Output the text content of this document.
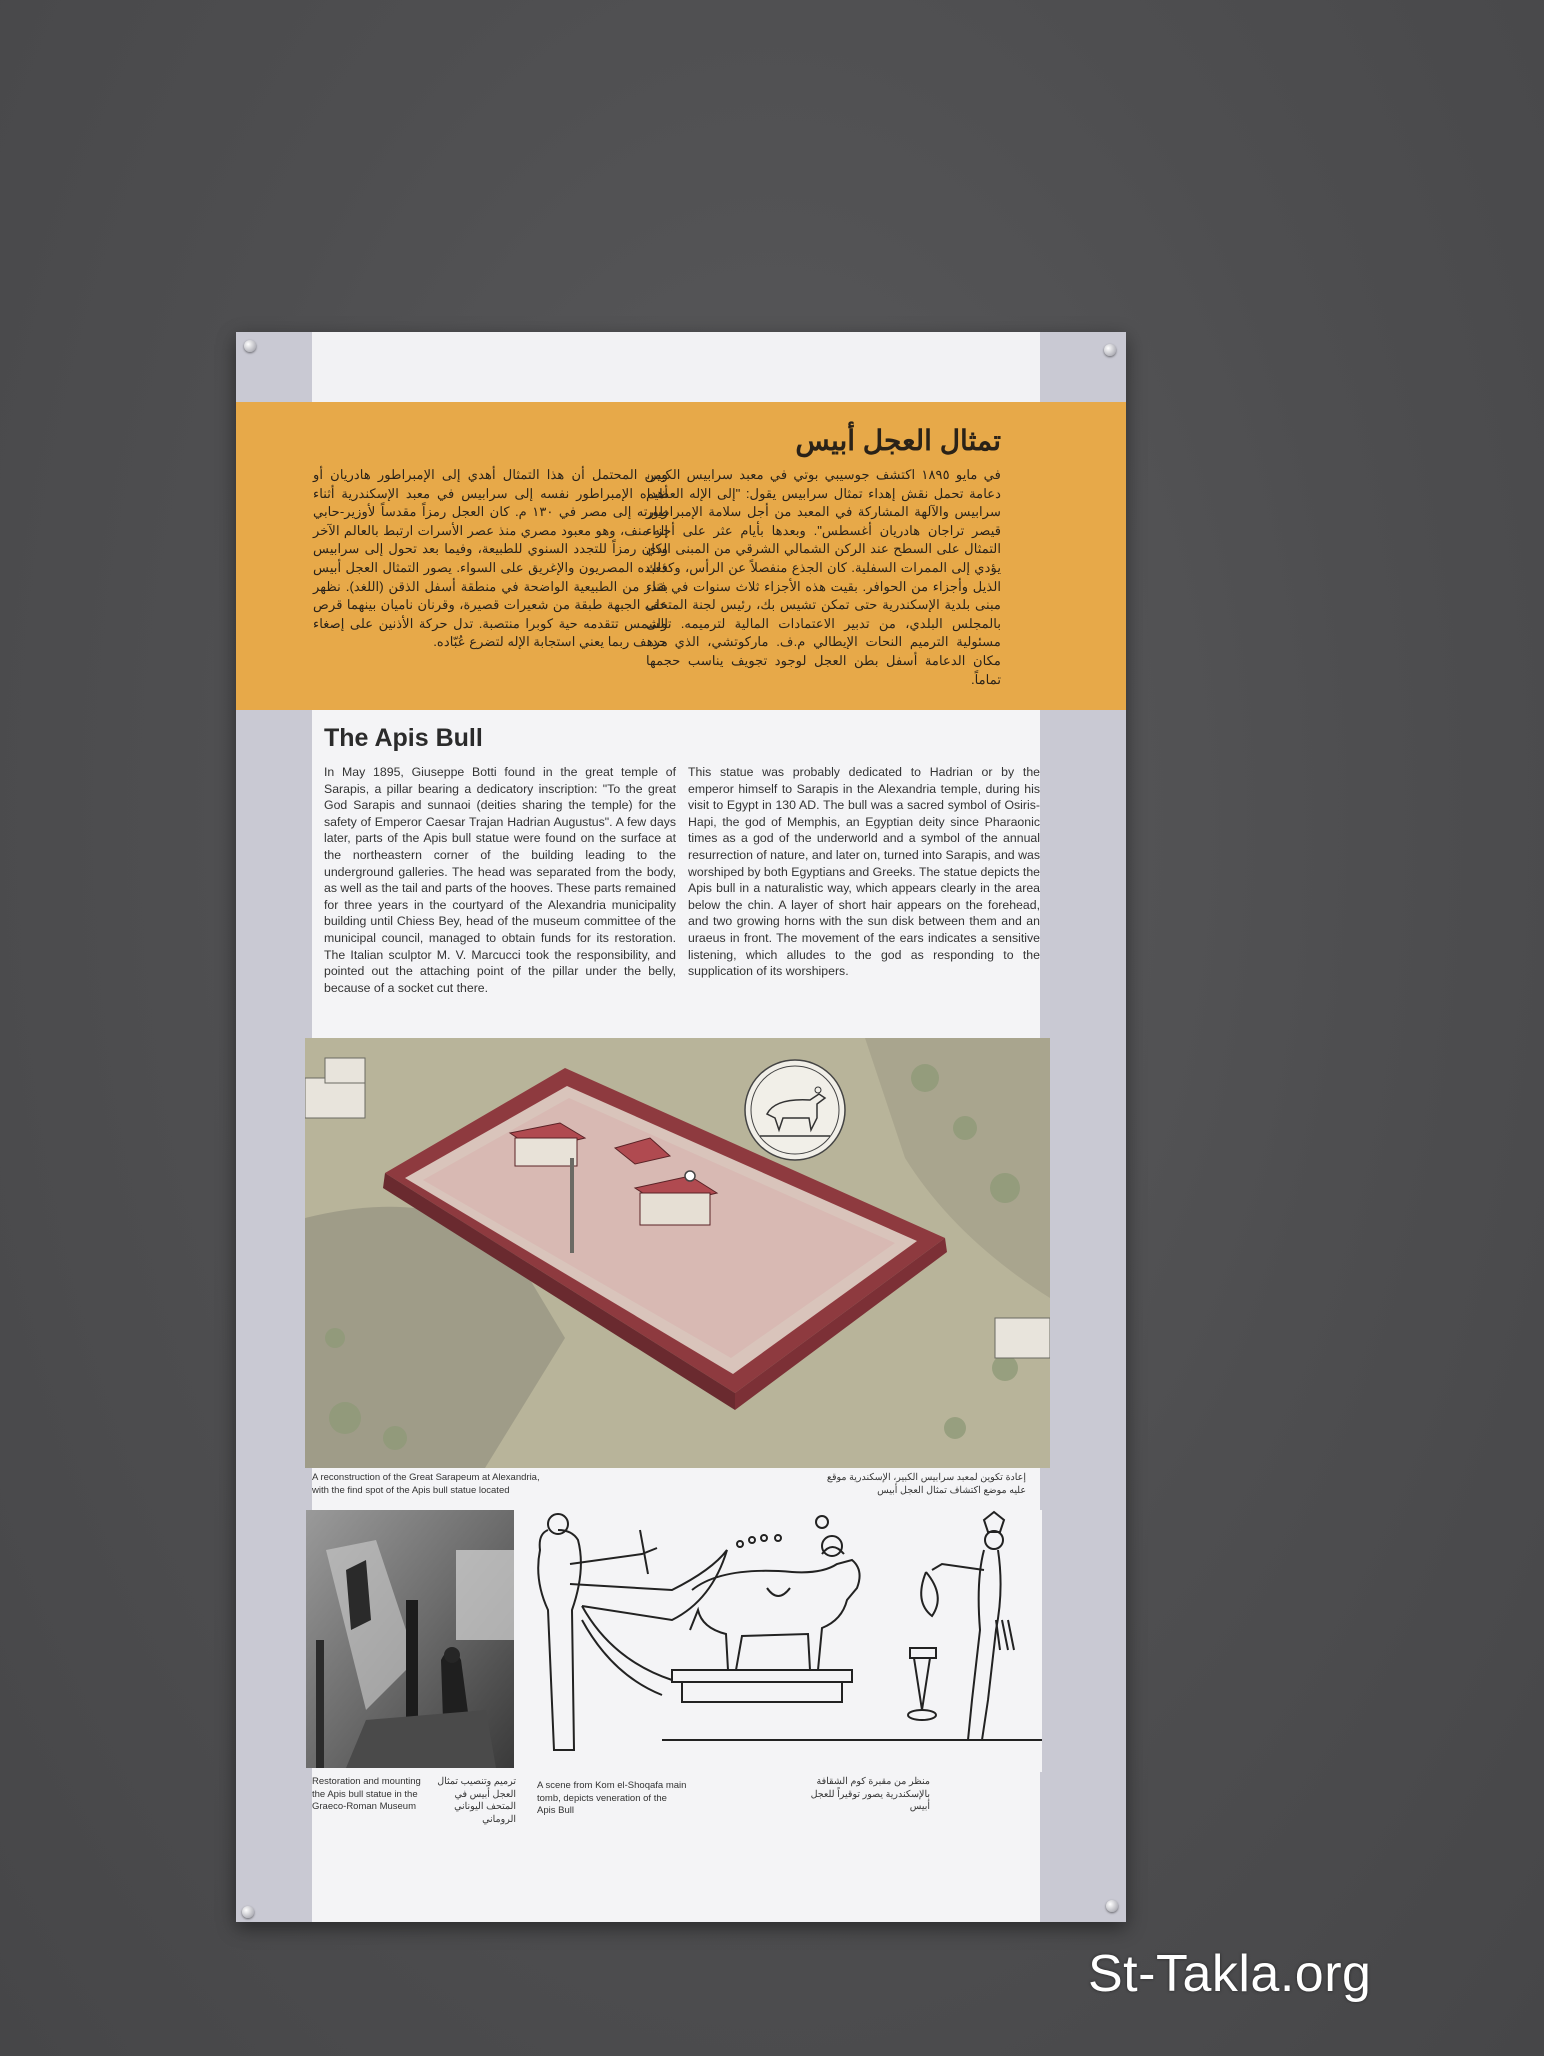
تمثال العجل أبيس
في مايو ١٨٩٥ اكتشف جوسيبي بوتي في معبد سرابيس الكبير، دعامة تحمل نقش إهداء تمثال سرابيس يقول: "إلى الإله العظيم سرابيس والآلهة المشاركة في المعبد من أجل سلامة الإمبراطور قيصر تراجان هادريان أغسطس". وبعدها بأيام عثر على أجزاء التمثال على السطح عند الركن الشمالي الشرقي من المبنى الذي يؤدي إلى الممرات السفلية. كان الجذع منفصلاً عن الرأس، وكذلك الذيل وأجزاء من الحوافر. بقيت هذه الأجزاء ثلاث سنوات في فناء مبنى بلدية الإسكندرية حتى تمكن تشيس بك، رئيس لجنة المتحف بالمجلس البلدي، من تدبير الاعتمادات المالية لترميمه. تولى مسئولية الترميم النحات الإيطالي م.ف. ماركوتشي، الذي حدد مكان الدعامة أسفل بطن العجل لوجود تجويف يناسب حجمها تماماً.
ومن المحتمل أن هذا التمثال أهدي إلى الإمبراطور هادريان أو أهداه الإمبراطور نفسه إلى سرابيس في معبد الإسكندرية أثناء زيارته إلى مصر في ١٣٠ م. كان العجل رمزاً مقدساً لأوزير-حابي إله منف، وهو معبود مصري منذ عصر الأسرات ارتبط بالعالم الآخر وكان رمزاً للتجدد السنوي للطبيعة، وفيما بعد تحول إلى سرابيس فعبده المصريون والإغريق على السواء. يصور التمثال العجل أبيس بقدر من الطبيعية الواضحة في منطقة أسفل الذقن (اللغد). نظهر على الجبهة طبقة من شعيرات قصيرة، وقرنان ناميان بينهما قرص الشمس تتقدمه حية كوبرا منتصبة. تدل حركة الأذنين على إصغاء مرهف ربما يعني استجابة الإله لتضرع عُبّاده.
The Apis Bull
In May 1895, Giuseppe Botti found in the great temple of Sarapis, a pillar bearing a dedicatory inscription: "To the great God Sarapis and sunnaoi (deities sharing the temple) for the safety of Emperor Caesar Trajan Hadrian Augustus". A few days later, parts of the Apis bull statue were found on the surface at the northeastern corner of the building leading to the underground galleries. The head was separated from the body, as well as the tail and parts of the hooves. These parts remained for three years in the courtyard of the Alexandria municipality building until Chiess Bey, head of the museum committee of the municipal council, managed to obtain funds for its restoration. The Italian sculptor M. V. Marcucci took the responsibility, and pointed out the attaching point of the pillar under the belly, because of a socket cut there.
This statue was probably dedicated to Hadrian or by the emperor himself to Sarapis in the Alexandria temple, during his visit to Egypt in 130 AD. The bull was a sacred symbol of Osiris-Hapi, the god of Memphis, an Egyptian deity since Pharaonic times as a god of the underworld and a symbol of the annual resurrection of nature, and later on, turned into Sarapis, and was worshiped by both Egyptians and Greeks. The statue depicts the Apis bull in a naturalistic way, which appears clearly in the area below the chin. A layer of short hair appears on the forehead, and two growing horns with the sun disk between them and an uraeus in front. The movement of the ears indicates a sensitive listening, which alludes to the god as responding to the supplication of its worshipers.
A reconstruction of the Great Sarapeum at Alexandria, with the find spot of the Apis bull statue located
إعادة تكوين لمعبد سرابيس الكبير، الإسكندرية موقع عليه موضع اكتشاف تمثال العجل أبيس
Restoration and mounting the Apis bull statue in the Graeco-Roman Museum
ترميم وتنصيب تمثال العجل أبيس في المتحف اليوناني الروماني
A scene from Kom el-Shoqafa main tomb, depicts veneration of the Apis Bull
منظر من مقبرة كوم الشقافة بالإسكندرية يصور توقيراً للعجل أبيس
St-Takla.org
